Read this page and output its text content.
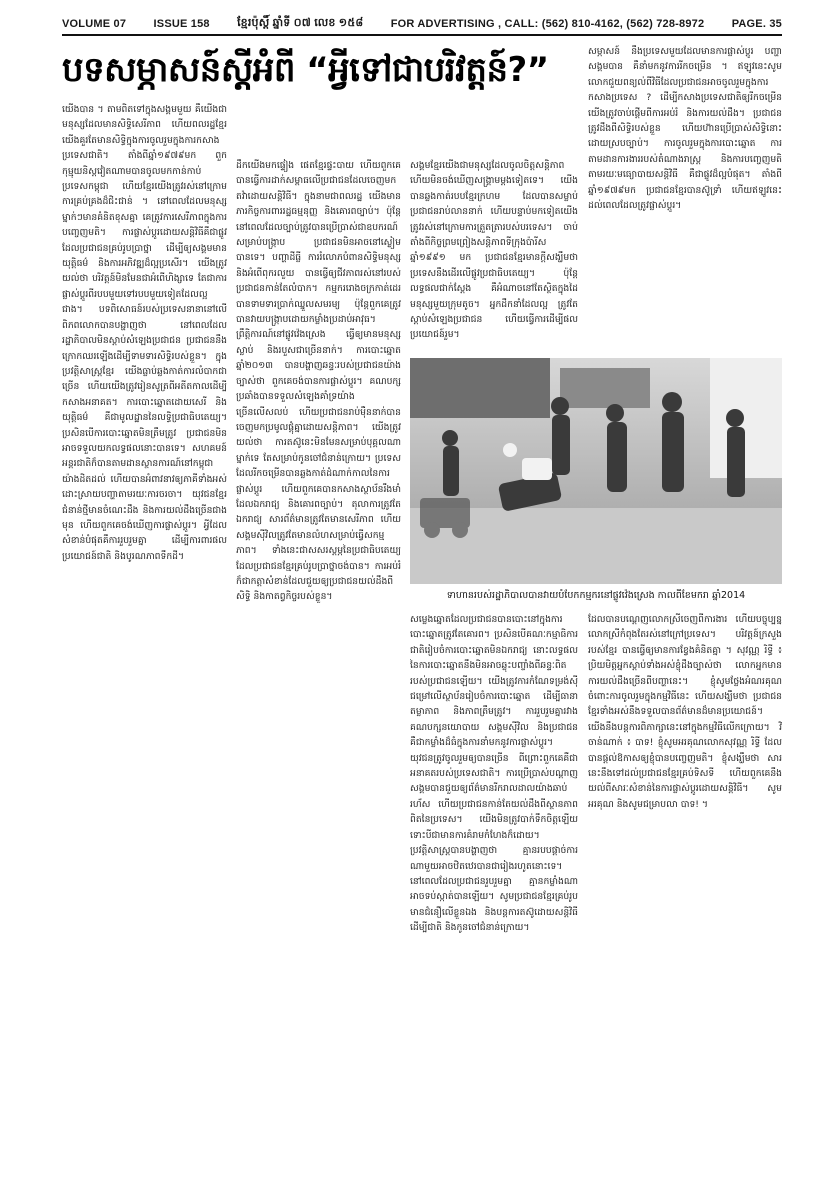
VOLUME 07 ISSUE 158 ខ្មែរប៉ុស្តិ៍ ឆ្នាំទី ០៧ លេខ ១៥៨ FOR ADVERTISING , CALL: (562) 810-4162, (562) 728-8972 PAGE. 35
បទសម្ភាសន៍ស្ដីអំពី “អ្វីទៅជាបរិវត្តន៍?”
យើងបាន ។ តាមពិតទៅក្នុងសង្គមមួយ គឺយើងជាមនុស្សដែលមានសិទ្ធិសេរីភាព ហើយពលរដ្ឋខ្មែរយើងគួរតែមានសិទ្ធិក្នុងការចូលរួមក្នុងការកសាងប្រទេសជាតិ។ តាំងពីឆ្នាំ១៩៧៩មក ពួកកុម្មុយនិស្តវៀតណាមបានចូលមកកាន់កាប់ប្រទេសកម្ពុជា ហើយខ្មែរយើងត្រូវរស់នៅក្រោមការគ្រប់គ្រងដ៏ជិះជាន់ ។ នៅពេលដែលមនុស្សម្នាក់ៗមានគំនិតខុសគ្នា គេត្រូវការសេរីភាពក្នុងការបញ្ចេញមតិ។ ការផ្លាស់ប្ដូរដោយសន្តិវិធីគឺជាផ្លូវដែលប្រជាជនគ្រប់រូបប្រាថ្នា ដើម្បីឲ្យសង្គមមានយុត្តិធម៌ និងការអភិវឌ្ឍដ៏ល្អប្រសើរ។ យើងត្រូវយល់ថា បរិវត្តន៍មិនមែនជាអំពើហិង្សាទេ តែជាការផ្លាស់ប្ដូរពីរបបមួយទៅរបបមួយទៀតដែលល្អជាង។ បទពិសោធន៍របស់ប្រទេសនានានៅលើពិភពលោកបានបង្ហាញថា នៅពេលដែលរដ្ឋាភិបាលមិនស្ដាប់សំឡេងប្រជាជន ប្រជាជននឹងក្រោកឈរឡើងដើម្បីទាមទារសិទ្ធិរបស់ខ្លួន។ ក្នុងប្រវត្តិសាស្ត្រខ្មែរ យើងធ្លាប់ឆ្លងកាត់ការលំបាកជាច្រើន ហើយយើងត្រូវរៀនសូត្រពីអតីតកាលដើម្បីកសាងអនាគត។ ការបោះឆ្នោតដោយសេរី និងយុត្តិធម៌ គឺជាមូលដ្ឋាននៃលទ្ធិប្រជាធិបតេយ្យ។ ប្រសិនបើការបោះឆ្នោតមិនត្រឹមត្រូវ ប្រជាជនមិនអាចទទួលយកលទ្ធផលនោះបានទេ។ សហគមន៍អន្តរជាតិក៏បានតាមដានស្ថានការណ៍នៅកម្ពុជាយ៉ាងដិតដល់ ហើយបានអំពាវនាវឲ្យភាគីទាំងអស់ដោះស្រាយបញ្ហាតាមរយៈការចរចា។ យុវជនខ្មែរជំនាន់ថ្មីមានចំណេះដឹង និងការយល់ដឹងច្រើនជាងមុន ហើយពួកគេចង់ឃើញការផ្លាស់ប្ដូរ។ អ្វីដែលសំខាន់បំផុតគឺការរួបរួមគ្នា ដើម្បីការពារផលប្រយោជន៍ជាតិ និងបូរណភាពទឹកដី។
ដឹកយើងមកផ្ទៀង ផេតខ្មែរផ្ទះបាយ ហើយពួកគេបានធ្វើការដាក់សម្ពាធលើប្រជាជនដែលចេញមកតវ៉ាដោយសន្តិវិធី។ ក្នុងនាមជាពលរដ្ឋ យើងមានភារកិច្ចការពាររដ្ឋធម្មនុញ្ញ និងគោរពច្បាប់។ ប៉ុន្តែនៅពេលដែលច្បាប់ត្រូវបានប្រើប្រាស់ជាឧបករណ៍សម្រាប់បង្ក្រាប ប្រជាជនមិនអាចនៅស្ងៀមបានទេ។ បញ្ហាដីធ្លី ការរំលោភបំពានសិទ្ធិមនុស្ស និងអំពើពុករលួយ បានធ្វើឲ្យជីវភាពរស់នៅរបស់ប្រជាជនកាន់តែលំបាក។ កម្មកររោងចក្រកាត់ដេរបានទាមទារប្រាក់ឈ្នួលសមរម្យ ប៉ុន្តែពួកគេត្រូវបានវាយបង្ក្រាបដោយកម្លាំងប្រដាប់អាវុធ។ ព្រឹត្តិការណ៍នៅផ្លូវវ៉េងស្រេង ធ្វើឲ្យមានមនុស្សស្លាប់ និងរបួសជាច្រើននាក់។ ការបោះឆ្នោតឆ្នាំ២០១៣ បានបង្ហាញឆន្ទៈរបស់ប្រជាជនយ៉ាងច្បាស់ថា ពួកគេចង់បានការផ្លាស់ប្ដូរ។ គណបក្សប្រឆាំងបានទទួលសំឡេងគាំទ្រយ៉ាងច្រើនលើសលប់ ហើយប្រជាជនរាប់ម៉ឺននាក់បានចេញមកប្រមូលផ្ដុំគ្នាដោយសន្តិភាព។ យើងត្រូវយល់ថា ការតស៊ូនេះមិនមែនសម្រាប់បុគ្គលណាម្នាក់ទេ តែសម្រាប់កូនចៅជំនាន់ក្រោយ។ ប្រទេសដែលរីកចម្រើនបានឆ្លងកាត់ដំណាក់កាលនៃការផ្លាស់ប្ដូរ ហើយពួកគេបានកសាងស្ថាប័នរឹងមាំ ដែលឯករាជ្យ និងគោរពច្បាប់។ តុលាការត្រូវតែឯករាជ្យ សារព័ត៌មានត្រូវតែមានសេរីភាព ហើយសង្គមស៊ីវិលត្រូវតែមានលំហសម្រាប់ធ្វើសកម្មភាព។ ទាំងនេះជាសសរស្ដម្ភនៃប្រជាធិបតេយ្យ ដែលប្រជាជនខ្មែរគ្រប់រូបប្រាថ្នាចង់បាន។ ការអប់រំក៏ជាកត្តាសំខាន់ដែលជួយឲ្យប្រជាជនយល់ដឹងពីសិទ្ធិ និងកាតព្វកិច្ចរបស់ខ្លួន។
សង្គមខ្មែរយើងជាមនុស្សដែលចូលចិត្តសន្តិភាព ហើយមិនចង់ឃើញសង្គ្រាមម្ដងទៀតទេ។ យើងបានឆ្លងកាត់របបខ្មែរក្រហម ដែលបានសម្លាប់ប្រជាជនរាប់លាននាក់ ហើយបន្ទាប់មកទៀតយើងត្រូវរស់នៅក្រោមការត្រួតត្រារបស់បរទេស។ ចាប់តាំងពីកិច្ចព្រមព្រៀងសន្តិភាពទីក្រុងប៉ារីសឆ្នាំ១៩៩១ មក ប្រជាជនខ្មែរមានក្ដីសង្ឃឹមថា ប្រទេសនឹងដើរលើផ្លូវប្រជាធិបតេយ្យ។ ប៉ុន្តែលទ្ធផលជាក់ស្ដែង គឺអំណាចនៅតែស្ថិតក្នុងដៃមនុស្សមួយក្រុមតូច។ អ្នកដឹកនាំដែលល្អ ត្រូវតែស្ដាប់សំឡេងប្រជាជន ហើយធ្វើការដើម្បីផលប្រយោជន៍រួម។
សម្ភាសន៍ នឹងប្រទេសមួយដែលមានការផ្លាស់ប្ដូរ បញ្ហាសង្គមបាន គឺនាំមកនូវការរីកចម្រើន ។ ឥឡូវនេះសូមលោកជួយពន្យល់ពីវិធីដែលប្រជាជនអាចចូលរួមក្នុងការកសាងប្រទេស ? ដើម្បីកសាងប្រទេសជាតិឲ្យរីកចម្រើន យើងត្រូវចាប់ផ្ដើមពីការអប់រំ និងការយល់ដឹង។ ប្រជាជនត្រូវដឹងពីសិទ្ធិរបស់ខ្លួន ហើយហ៊ានប្រើប្រាស់សិទ្ធិនោះដោយស្របច្បាប់។ ការចូលរួមក្នុងការបោះឆ្នោត ការតាមដានការងាររបស់តំណាងរាស្ត្រ និងការបញ្ចេញមតិតាមរយៈមធ្យោបាយសន្តិវិធី គឺជាផ្លូវដ៏ល្អបំផុត។ តាំងពីឆ្នាំ១៩៧៩មក ប្រជាជនខ្មែរបានស៊ូទ្រាំ ហើយឥឡូវនេះដល់ពេលដែលត្រូវផ្លាស់ប្ដូរ។
ទាហានរបស់រដ្ឋាភិបាលបានវាយបំបែកកម្មករនៅផ្លូវវ៉េងស្រេង កាលពីខែមករា ឆ្នាំ2014
សម្លេងឆ្នោតដែលប្រជាជនបានបោះនៅក្នុងការបោះឆ្នោតត្រូវតែគោរព។ ប្រសិនបើគណៈកម្មាធិការជាតិរៀបចំការបោះឆ្នោតមិនឯករាជ្យ នោះលទ្ធផលនៃការបោះឆ្នោតនឹងមិនអាចឆ្លុះបញ្ចាំងពីឆន្ទៈពិតរបស់ប្រជាជនឡើយ។ យើងត្រូវការកំណែទម្រង់ស៊ីជម្រៅលើស្ថាប័នរៀបចំការបោះឆ្នោត ដើម្បីធានាតម្លាភាព និងភាពត្រឹមត្រូវ។ ការរួបរួមគ្នារវាងគណបក្សនយោបាយ សង្គមស៊ីវិល និងប្រជាជន គឺជាកម្លាំងដ៏ធំក្នុងការនាំមកនូវការផ្លាស់ប្ដូរ។ យុវជនត្រូវចូលរួមឲ្យបានច្រើន ពីព្រោះពួកគេគឺជាអនាគតរបស់ប្រទេសជាតិ។ ការប្រើប្រាស់បណ្ដាញសង្គមបានជួយឲ្យព័ត៌មានរីករាលដាលយ៉ាងឆាប់រហ័ស ហើយប្រជាជនកាន់តែយល់ដឹងពីស្ថានភាពពិតនៃប្រទេស។ យើងមិនត្រូវបាក់ទឹកចិត្តឡើយ ទោះបីជាមានការគំរាមកំហែងក៏ដោយ។ ប្រវត្តិសាស្ត្របានបង្ហាញថា គ្មានរបបផ្ដាច់ការណាមួយអាចឋិតឋេរបានជារៀងរហូតនោះទេ។ នៅពេលដែលប្រជាជនរួបរួមគ្នា គ្មានកម្លាំងណាអាចទប់ស្កាត់បានឡើយ។ សូមប្រជាជនខ្មែរគ្រប់រូបមានជំនឿលើខ្លួនឯង និងបន្តការតស៊ូដោយសន្តិវិធី ដើម្បីជាតិ និងកូនចៅជំនាន់ក្រោយ។
ដែលបានបណ្ដេញលោកស្រីចេញពីការងារ ហើយបច្ចុប្បន្នលោកស្រីកំពុងតែរស់នៅក្រៅប្រទេស។ បរិវត្តន៍ក្រសួងរបស់ខ្មែរ បានធ្វើឲ្យមានការខ្វែងគំនិតគ្នា ។ សុវណ្ណ រិទ្ធី ៖ ប្រិយមិត្តអ្នកស្ដាប់ទាំងអស់ខ្ញុំដឹងច្បាស់ថា លោកអ្នកមានការយល់ដឹងច្រើនពីបញ្ហានេះ។ ខ្ញុំសូមថ្លែងអំណរគុណចំពោះការចូលរួមក្នុងកម្មវិធីនេះ ហើយសង្ឃឹមថា ប្រជាជនខ្មែរទាំងអស់នឹងទទួលបានព័ត៌មានដ៏មានប្រយោជន៍។ យើងនឹងបន្តការពិភាក្សានេះនៅក្នុងកម្មវិធីលើកក្រោយ។ វិ ចាន់ណាក់ ៖ បាទ! ខ្ញុំសូមអរគុណលោកសុវណ្ណ រិទ្ធី ដែលបានផ្ដល់ឱកាសឲ្យខ្ញុំបានបញ្ចេញមតិ។ ខ្ញុំសង្ឃឹមថា សារនេះនឹងទៅដល់ប្រជាជនខ្មែរគ្រប់ទិសទី ហើយពួកគេនឹងយល់ពីសារៈសំខាន់នៃការផ្លាស់ប្ដូរដោយសន្តិវិធី។ សូមអរគុណ និងសូមជម្រាបលា បាទ! ។
